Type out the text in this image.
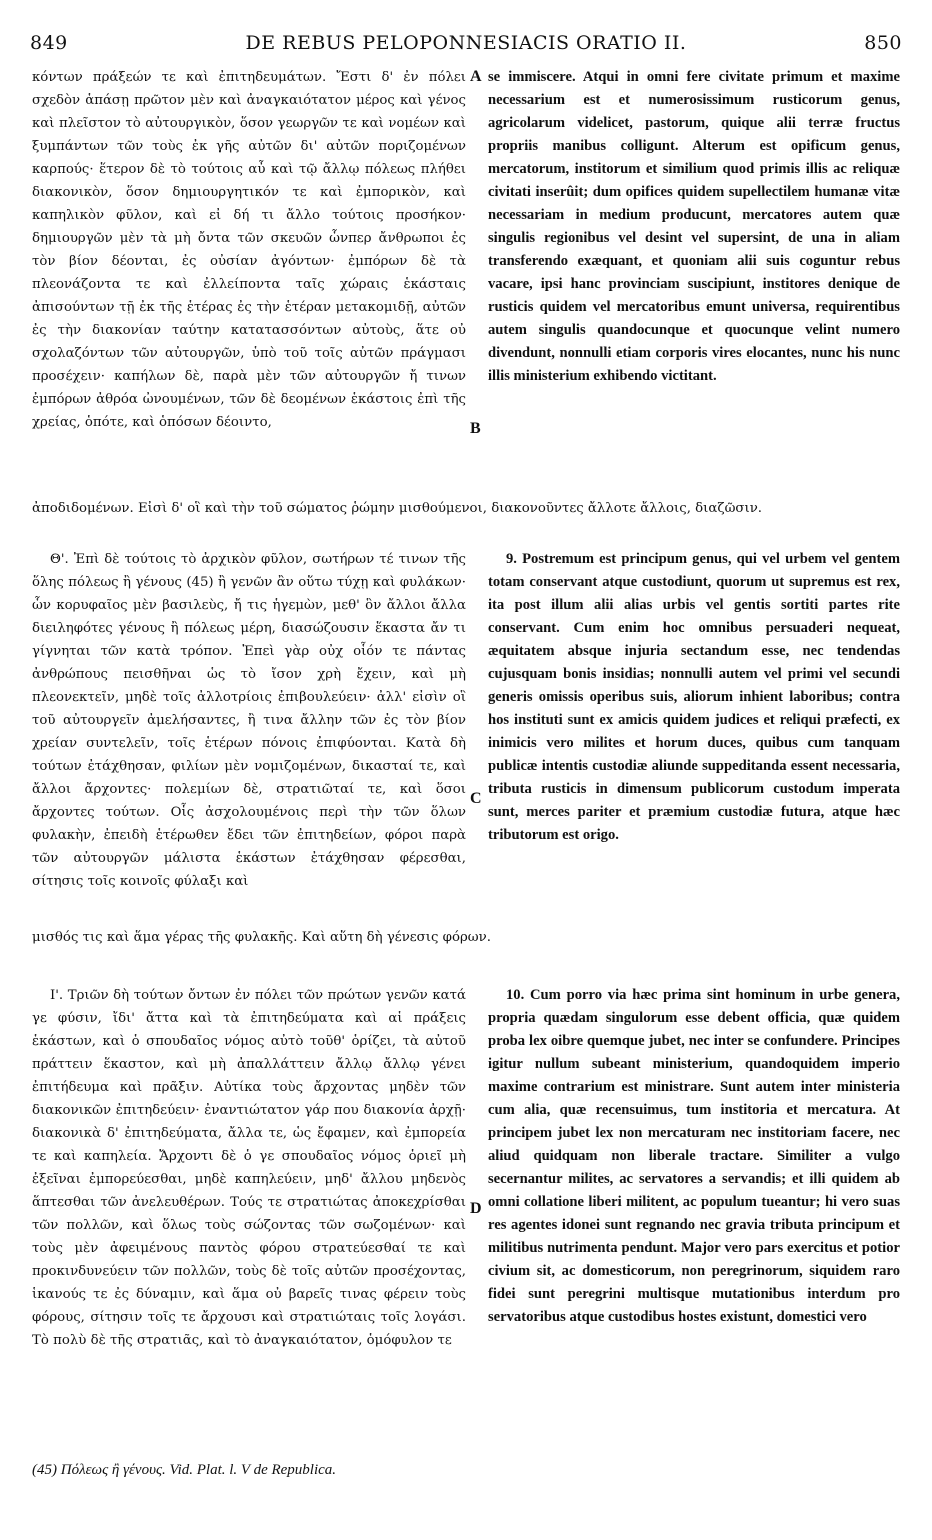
849	DE REBUS PELOPONNESIACIS ORATIO II.	850

κόντων πράξεών τε καὶ ἐπιτηδευμάτων. Ἔστι δ' ἐν πόλει σχεδὸν ἁπάσῃ πρῶτον μὲν καὶ ἀναγκαιότατον μέρος καὶ γένος καὶ πλεῖστον τὸ αὐτουργικὸν, ὅσον γεωργῶν τε καὶ νομέων καὶ ξυμπάντων τῶν τοὺς ἐκ γῆς αὐτῶν δι' αὐτῶν ποριζομένων καρπούς· ἕτερον δὲ τὸ τούτοις αὖ καὶ τῷ ἄλλῳ πόλεως πλήθει διακονικὸν, ὅσον δημιουργητικόν τε καὶ ἐμπορικὸν, καὶ καπηλικὸν φῦλον, καὶ εἰ δή τι ἄλλο τούτοις προσήκον· δημιουργῶν μὲν τὰ μὴ ὄντα τῶν σκευῶν ὧνπερ ἄνθρωποι ἐς τὸν βίον δέονται, ἐς οὐσίαν ἀγόντων· ἐμπόρων δὲ τὰ πλεονάζοντα τε καὶ ἐλλείποντα ταῖς χώραις ἑκάσταις ἀπισούντων τῇ ἐκ τῆς ἑτέρας ἐς τὴν ἑτέραν μετακομιδῇ, αὐτῶν ἐς τὴν διακονίαν ταύτην κατατασσόντων αὐτοὺς, ἅτε οὐ σχολαζόντων τῶν αὐτουργῶν, ὑπὸ τοῦ τοῖς αὐτῶν πράγμασι προσέχειν· καπήλων δὲ, παρὰ μὲν τῶν αὐτουργῶν ἤ τινων ἐμπόρων ἀθρόα ὠνουμένων, τῶν δὲ δεομένων ἑκάστοις ἐπὶ τῆς χρείας, ὁπότε, καὶ ὁπόσων δέοιντο,

se immiscere. Atqui in omni fere civitate primum et maxime necessarium est et numerosissimum rusticorum genus, agricolarum videlicet, pastorum, quique alii terræ fructus propriis manibus colligunt. Alterum est opificum genus, mercatorum, institorum et similium quod primis illis ac reliquæ civitati inserûit; dum opifices quidem supellectilem humanæ vitæ necessariam in medium producunt, mercatores autem quæ singulis regionibus vel desint vel supersint, de una in aliam transferendo exæquant, et quoniam alii suis coguntur rebus vacare, ipsi hanc provinciam suscipiunt, institores denique de rusticis quidem vel mercatoribus emunt universa, requirentibus autem singulis quandocunque et quocunque velint numero divendunt, nonnulli etiam corporis vires elocantes, nunc his nunc illis ministerium exhibendo victitant.

ἀποδιδομένων. Εἰσὶ δ' οἳ καὶ τὴν τοῦ σώματος ῥώμην μισθούμενοι, διακονοῦντες ἄλλοτε ἄλλοις, διαζῶσιν.

Θ'. Ἐπὶ δὲ τούτοις τὸ ἀρχικὸν φῦλον, σωτήρων τέ τινων τῆς ὅλης πόλεως ἢ γένους (45) ἢ γενῶν ἂν οὕτω τύχῃ καὶ φυλάκων· ὧν κορυφαῖος μὲν βασιλεὺς, ἤ τις ἡγεμὼν, μεθ' ὃν ἄλλοι ἄλλα διειληφότες γένους ἢ πόλεως μέρη, διασώζουσιν ἕκαστα ἄν τι γίγνηται τῶν κατὰ τρόπον. Ἐπεὶ γὰρ οὐχ οἷόν τε πάντας ἀνθρώπους πεισθῆναι ὡς τὸ ἴσον χρὴ ἔχειν, καὶ μὴ πλεονεκτεῖν, μηδὲ τοῖς ἀλλοτρίοις ἐπιβουλεύειν· ἀλλ' εἰσὶν οἳ τοῦ αὐτουργεῖν ἀμελήσαντες, ἢ τινα ἄλλην τῶν ἐς τὸν βίον χρείαν συντελεῖν, τοῖς ἑτέρων πόνοις ἐπιφύονται. Κατὰ δὴ τούτων ἐτάχθησαν, φιλίων μὲν νομιζομένων, δικασταί τε, καὶ ἄλλοι ἄρχοντες· πολεμίων δὲ, στρατιῶταί τε, καὶ ὅσοι ἄρχοντες τούτων. Οἷς ἀσχολουμένοις περὶ τὴν τῶν ὅλων φυλακὴν, ἐπειδὴ ἑτέρωθεν ἔδει τῶν ἐπιτηδείων, φόροι παρὰ τῶν αὐτουργῶν μάλιστα ἑκάστων ἐτάχθησαν φέρεσθαι, σίτησις τοῖς κοινοῖς φύλαξι καὶ

9. Postremum est principum genus, qui vel urbem vel gentem totam conservant atque custodiunt, quorum ut supremus est rex, ita post illum alii alias urbis vel gentis sortiti partes rite conservant. Cum enim hoc omnibus persuaderi nequeat, æquitatem absque injuria sectandum esse, nec tendendas cujusquam bonis insidias; nonnulli autem vel primi vel secundi generis omissis operibus suis, aliorum inhient laboribus; contra hos instituti sunt ex amicis quidem judices et reliqui præfecti, ex inimicis vero milites et horum duces, quibus cum tanquam publicæ intentis custodiæ aliunde suppeditanda essent necessaria, tributa rusticis in dimensum publicorum custodum imperata sunt, merces pariter et præmium custodiæ futura, atque hæc tributorum est origo.

μισθός τις καὶ ἅμα γέρας τῆς φυλακῆς. Καὶ αὕτη δὴ γένεσις φόρων.

Ι'. Τριῶν δὴ τούτων ὄντων ἐν πόλει τῶν πρώτων γενῶν κατά γε φύσιν, ἴδι' ἄττα καὶ τὰ ἐπιτηδεύματα καὶ αἱ πράξεις ἑκάστων, καὶ ὁ σπουδαῖος νόμος αὐτὸ τοῦθ' ὁρίζει, τὰ αὐτοῦ πράττειν ἕκαστον, καὶ μὴ ἀπαλλάττειν ἄλλῳ ἄλλῳ γένει ἐπιτήδευμα καὶ πρᾶξιν. Αὐτίκα τοὺς ἄρχοντας μηδὲν τῶν διακονικῶν ἐπιτηδεύειν· ἐναντιώτατον γάρ που διακονία ἀρχῇ· διακονικὰ δ' ἐπιτηδεύματα, ἄλλα τε, ὡς ἔφαμεν, καὶ ἐμπορεία τε καὶ καπηλεία. Ἄρχοντι δὲ ὁ γε σπουδαῖος νόμος ὁριεῖ μὴ ἐξεῖναι ἐμπορεύεσθαι, μηδὲ καπηλεύειν, μηδ' ἄλλου μηδενὸς ἅπτεσθαι τῶν ἀνελευθέρων. Τούς τε στρατιώτας ἀποκεχρίσθαι τῶν πολλῶν, καὶ ὅλως τοὺς σώζοντας τῶν σωζομένων· καὶ τοὺς μὲν ἀφειμένους παντὸς φόρου στρατεύεσθαί τε καὶ προκινδυνεύειν τῶν πολλῶν, τοὺς δὲ τοῖς αὐτῶν προσέχοντας, ἱκανούς τε ἐς δύναμιν, καὶ ἅμα οὐ βαρεῖς τινας φέρειν τοὺς φόρους, σίτησιν τοῖς τε ἄρχουσι καὶ στρατιώταις τοῖς λογάσι. Τὸ πολὺ δὲ τῆς στρατιᾶς, καὶ τὸ ἀναγκαιότατον, ὁμόφυλον τε

10. Cum porro via hæc prima sint hominum in urbe genera, propria quædam singulorum esse debent officia, quæ quidem proba lex oibre quemque jubet, nec inter se confundere. Principes igitur nullum subeant ministerium, quandoquidem imperio maxime contrarium est ministrare. Sunt autem inter ministeria cum alia, quæ recensuimus, tum institoria et mercatura. At principem jubet lex non mercaturam nec institoriam facere, nec aliud quidquam non liberale tractare. Similiter a vulgo secernantur milites, ac servatores a servandis; et illi quidem ab omni collatione liberi militent, ac populum tueantur; hi vero suas res agentes idonei sunt regnando nec gravia tributa principum et militibus nutrimenta pendunt. Major vero pars exercitus et potior civium sit, ac domesticorum, non peregrinorum, siquidem raro fidei sunt peregrini multisque mutationibus interdum pro servatoribus atque custodibus hostes existunt, domestici vero

A
B
C
D
(45) Πόλεως ἢ γένους. Vid. Plat. l. V de Republica.
